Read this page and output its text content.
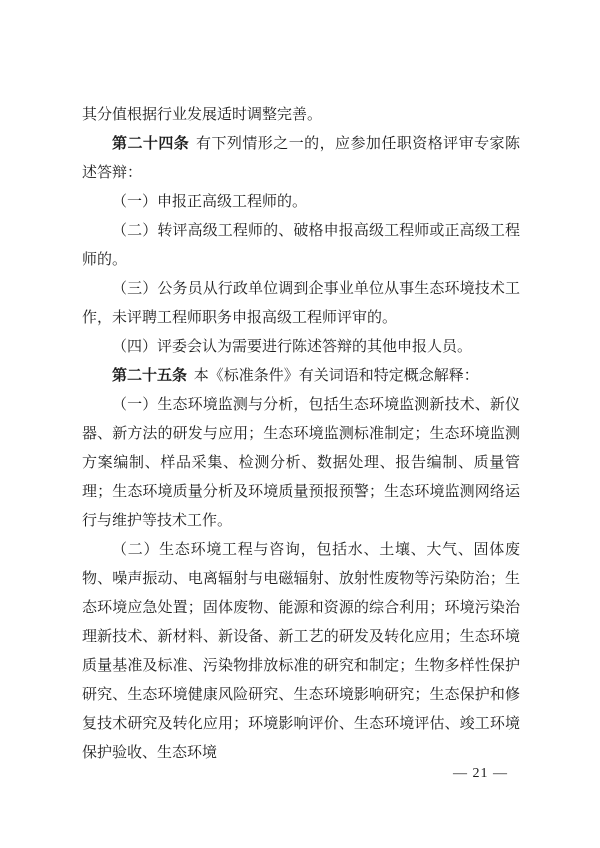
其分值根据行业发展适时调整完善。

第二十四条 有下列情形之一的，应参加任职资格评审专家陈述答辩：

（一）申报正高级工程师的。

（二）转评高级工程师的、破格申报高级工程师或正高级工程师的。

（三）公务员从行政单位调到企事业单位从事生态环境技术工作，未评聘工程师职务申报高级工程师评审的。

（四）评委会认为需要进行陈述答辩的其他申报人员。

第二十五条 本《标准条件》有关词语和特定概念解释：

（一）生态环境监测与分析，包括生态环境监测新技术、新仪器、新方法的研发与应用；生态环境监测标准制定；生态环境监测方案编制、样品采集、检测分析、数据处理、报告编制、质量管理；生态环境质量分析及环境质量预报预警；生态环境监测网络运行与维护等技术工作。

（二）生态环境工程与咨询，包括水、土壤、大气、固体废物、噪声振动、电离辐射与电磁辐射、放射性废物等污染防治；生态环境应急处置；固体废物、能源和资源的综合利用；环境污染治理新技术、新材料、新设备、新工艺的研发及转化应用；生态环境质量基准及标准、污染物排放标准的研究和制定；生物多样性保护研究、生态环境健康风险研究、生态环境影响研究；生态保护和修复技术研究及转化应用；环境影响评价、生态环境评估、竣工环境保护验收、生态环境

— 21 —
